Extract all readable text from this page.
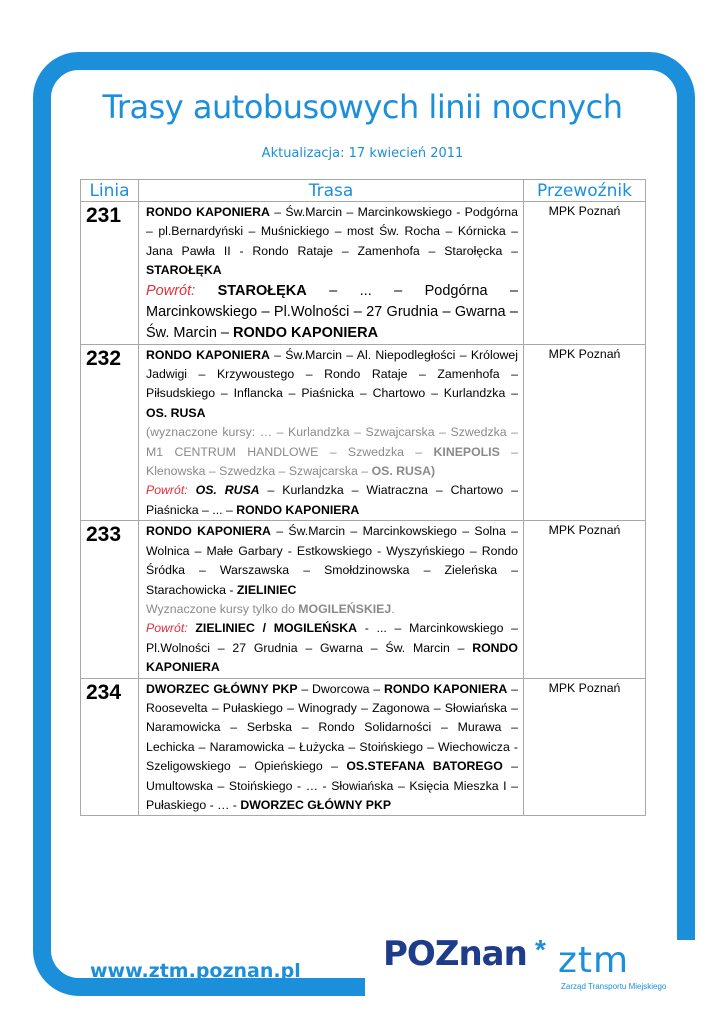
Trasy autobusowych linii nocnych
Aktualizacja: 17 kwiecień 2011
Linia	Trasa	Przewoźnik
231	RONDO KAPONIERA – Św.Marcin – Marcinkowskiego - Podgórna – pl.Bernardyński – Muśnickiego – most Św. Rocha – Kórnicka – Jana Pawła II - Rondo Rataje – Zamenhofa – Starołęcka – STAROŁĘKA
Powrót: STAROŁĘKA – ... – Podgórna – Marcinkowskiego – Pl.Wolności – 27 Grudnia – Gwarna – Św. Marcin – RONDO KAPONIERA	MPK Poznań
232	RONDO KAPONIERA – Św.Marcin – Al. Niepodległości – Królowej Jadwigi – Krzywoustego – Rondo Rataje – Zamenhofa – Piłsudskiego – Inflancka – Piaśnicka – Chartowo – Kurlandzka – OS. RUSA
(wyznaczone kursy: … – Kurlandzka – Szwajcarska – Szwedzka – M1 CENTRUM HANDLOWE – Szwedzka – KINEPOLIS – Klenowska – Szwedzka – Szwajcarska – OS. RUSA)
Powrót: OS. RUSA – Kurlandzka – Wiatraczna – Chartowo – Piaśnicka – ... – RONDO KAPONIERA	MPK Poznań
233	RONDO KAPONIERA – Św.Marcin – Marcinkowskiego – Solna – Wolnica – Małe Garbary - Estkowskiego - Wyszyńskiego – Rondo Śródka – Warszawska – Smołdzinowska – Zieleńska – Starachowicka - ZIELINIEC
Wyznaczone kursy tylko do MOGILEŃSKIEJ.
Powrót: ZIELINIEC / MOGILEŃSKA - ... – Marcinkowskiego – Pl.Wolności – 27 Grudnia – Gwarna – Św. Marcin – RONDO KAPONIERA	MPK Poznań
234	DWORZEC GŁÓWNY PKP – Dworcowa – RONDO KAPONIERA – Roosevelta – Pułaskiego – Winogrady – Zagonowa – Słowiańska – Naramowicka – Serbska – Rondo Solidarności – Murawa – Lechicka – Naramowicka – Łużycka – Stoińskiego – Wiechowicza - Szeligowskiego – Opieńskiego – OS.STEFANA BATOREGO – Umultowska – Stoińskiego - … - Słowiańska – Księcia Mieszka I – Pułaskiego - … - DWORZEC GŁÓWNY PKP	MPK Poznań
www.ztm.poznan.pl POZnan * ztm
Zarząd Transportu Miejskiego
